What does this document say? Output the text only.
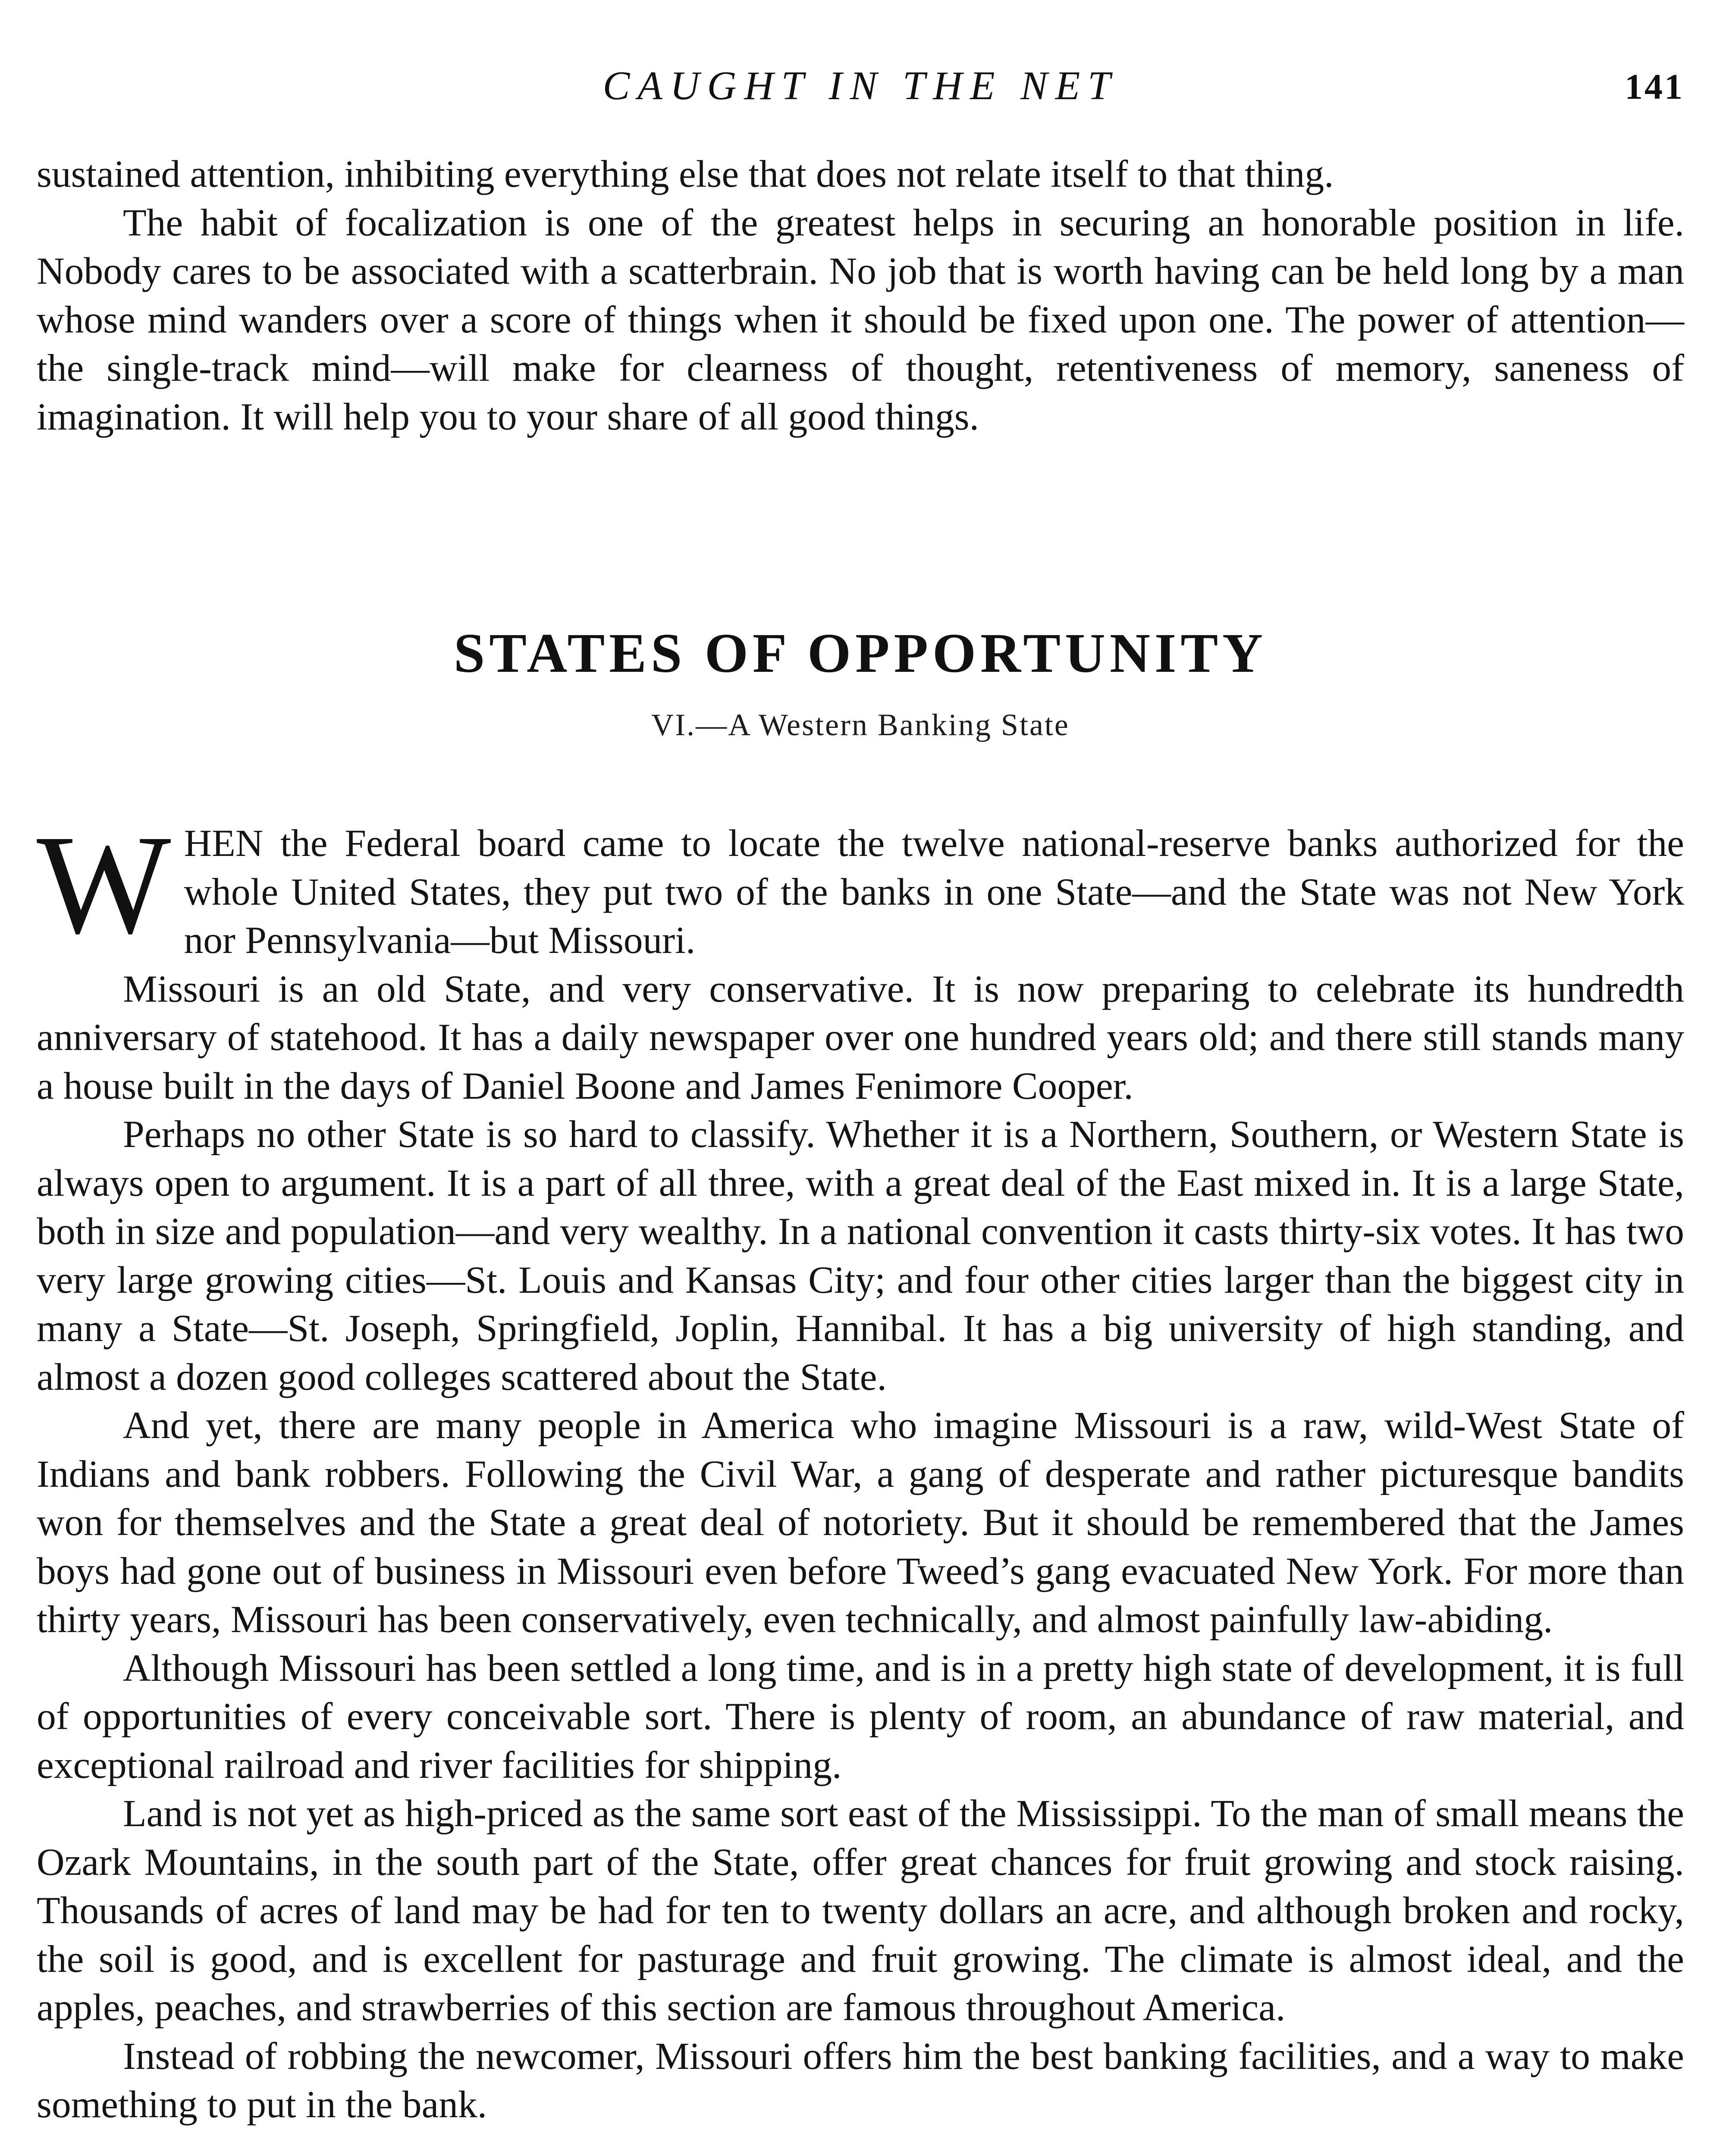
CAUGHT IN THE NET	141

sustained attention, inhibiting everything else that does not relate itself to that thing.

The habit of focalization is one of the greatest helps in securing an honorable position in life. Nobody cares to be associated with a scatterbrain. No job that is worth having can be held long by a man whose mind wanders over a score of things when it should be fixed upon one. The power of attention—the single-track mind—will make for clearness of thought, retentiveness of memory, saneness of imagination. It will help you to your share of all good things.

STATES OF OPPORTUNITY
VI.—A Western Banking State

WHEN the Federal board came to locate the twelve national-reserve banks authorized for the whole United States, they put two of the banks in one State—and the State was not New York nor Pennsylvania—but Missouri.

Missouri is an old State, and very conservative. It is now preparing to celebrate its hundredth anniversary of statehood. It has a daily newspaper over one hundred years old; and there still stands many a house built in the days of Daniel Boone and James Fenimore Cooper.

Perhaps no other State is so hard to classify. Whether it is a Northern, Southern, or Western State is always open to argument. It is a part of all three, with a great deal of the East mixed in. It is a large State, both in size and population—and very wealthy. In a national convention it casts thirty-six votes. It has two very large growing cities—St. Louis and Kansas City; and four other cities larger than the biggest city in many a State—St. Joseph, Springfield, Joplin, Hannibal. It has a big university of high standing, and almost a dozen good colleges scattered about the State.

And yet, there are many people in America who imagine Missouri is a raw, wild-West State of Indians and bank robbers. Following the Civil War, a gang of desperate and rather picturesque bandits won for themselves and the State a great deal of notoriety. But it should be remembered that the James boys had gone out of business in Missouri even before Tweed’s gang evacuated New York. For more than thirty years, Missouri has been conservatively, even technically, and almost painfully law-abiding.

Although Missouri has been settled a long time, and is in a pretty high state of development, it is full of opportunities of every conceivable sort. There is plenty of room, an abundance of raw material, and exceptional railroad and river facilities for shipping.

Land is not yet as high-priced as the same sort east of the Mississippi. To the man of small means the Ozark Mountains, in the south part of the State, offer great chances for fruit growing and stock raising. Thousands of acres of land may be had for ten to twenty dollars an acre, and although broken and rocky, the soil is good, and is excellent for pasturage and fruit growing. The climate is almost ideal, and the apples, peaches, and strawberries of this section are famous throughout America.

Instead of robbing the newcomer, Missouri offers him the best banking facilities, and a way to make something to put in the bank.
